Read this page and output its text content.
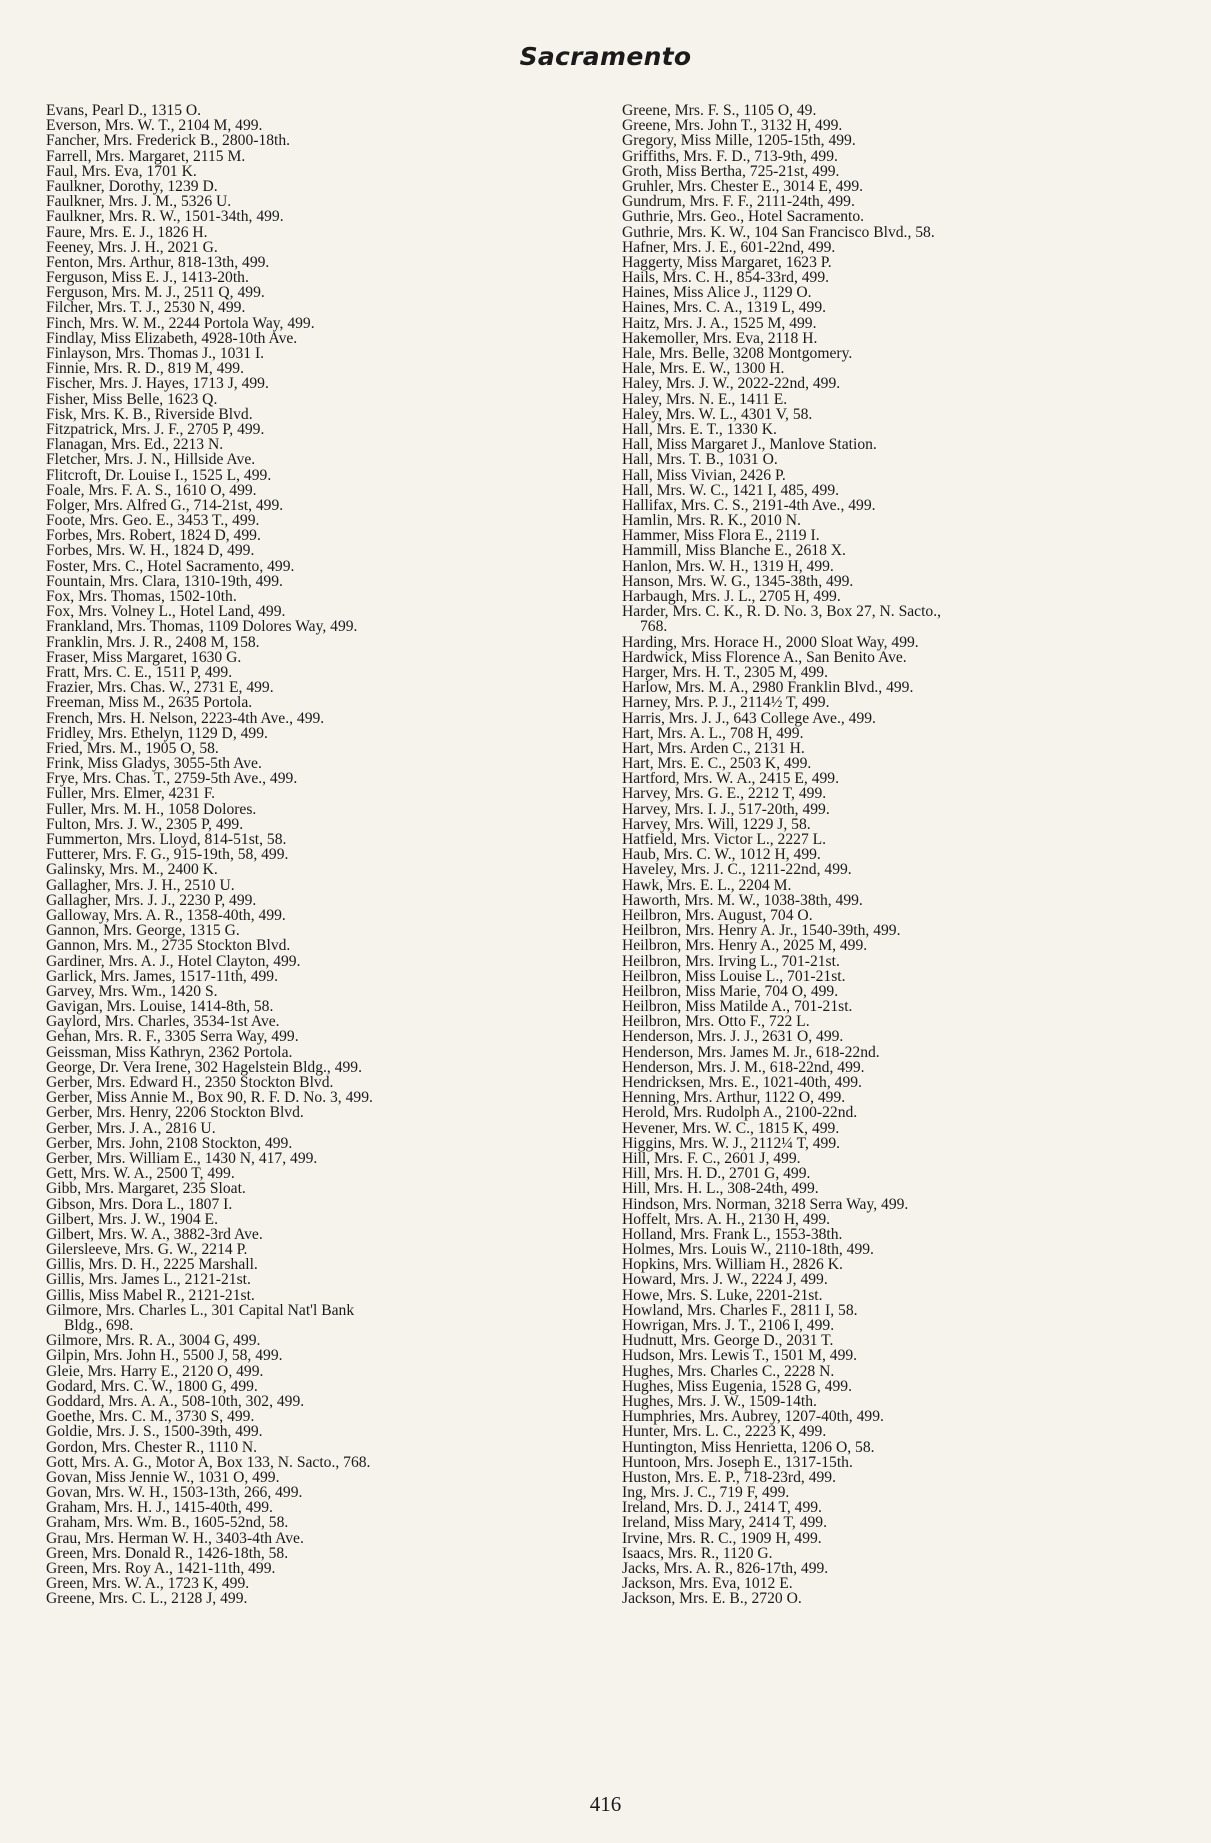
Sacramento
Evans, Pearl D., 1315 O.
Everson, Mrs. W. T., 2104 M, 499.
Fancher, Mrs. Frederick B., 2800-18th.
Farrell, Mrs. Margaret, 2115 M.
Faul, Mrs. Eva, 1701 K.
Faulkner, Dorothy, 1239 D.
Faulkner, Mrs. J. M., 5326 U.
Faulkner, Mrs. R. W., 1501-34th, 499.
Faure, Mrs. E. J., 1826 H.
Feeney, Mrs. J. H., 2021 G.
Fenton, Mrs. Arthur, 818-13th, 499.
Ferguson, Miss E. J., 1413-20th.
Ferguson, Mrs. M. J., 2511 Q, 499.
Filcher, Mrs. T. J., 2530 N, 499.
Finch, Mrs. W. M., 2244 Portola Way, 499.
Findlay, Miss Elizabeth, 4928-10th Ave.
Finlayson, Mrs. Thomas J., 1031 I.
Finnie, Mrs. R. D., 819 M, 499.
Fischer, Mrs. J. Hayes, 1713 J, 499.
Fisher, Miss Belle, 1623 Q.
Fisk, Mrs. K. B., Riverside Blvd.
Fitzpatrick, Mrs. J. F., 2705 P, 499.
Flanagan, Mrs. Ed., 2213 N.
Fletcher, Mrs. J. N., Hillside Ave.
Flitcroft, Dr. Louise I., 1525 L, 499.
Foale, Mrs. F. A. S., 1610 O, 499.
Folger, Mrs. Alfred G., 714-21st, 499.
Foote, Mrs. Geo. E., 3453 T., 499.
Forbes, Mrs. Robert, 1824 D, 499.
Forbes, Mrs. W. H., 1824 D, 499.
Foster, Mrs. C., Hotel Sacramento, 499.
Fountain, Mrs. Clara, 1310-19th, 499.
Fox, Mrs. Thomas, 1502-10th.
Fox, Mrs. Volney L., Hotel Land, 499.
Frankland, Mrs. Thomas, 1109 Dolores Way, 499.
Franklin, Mrs. J. R., 2408 M, 158.
Fraser, Miss Margaret, 1630 G.
Fratt, Mrs. C. E., 1511 P, 499.
Frazier, Mrs. Chas. W., 2731 E, 499.
Freeman, Miss M., 2635 Portola.
French, Mrs. H. Nelson, 2223-4th Ave., 499.
Fridley, Mrs. Ethelyn, 1129 D, 499.
Fried, Mrs. M., 1905 O, 58.
Frink, Miss Gladys, 3055-5th Ave.
Frye, Mrs. Chas. T., 2759-5th Ave., 499.
Fuller, Mrs. Elmer, 4231 F.
Fuller, Mrs. M. H., 1058 Dolores.
Fulton, Mrs. J. W., 2305 P, 499.
Fummerton, Mrs. Lloyd, 814-51st, 58.
Futterer, Mrs. F. G., 915-19th, 58, 499.
Galinsky, Mrs. M., 2400 K.
Gallagher, Mrs. J. H., 2510 U.
Gallagher, Mrs. J. J., 2230 P, 499.
Galloway, Mrs. A. R., 1358-40th, 499.
Gannon, Mrs. George, 1315 G.
Gannon, Mrs. M., 2735 Stockton Blvd.
Gardiner, Mrs. A. J., Hotel Clayton, 499.
Garlick, Mrs. James, 1517-11th, 499.
Garvey, Mrs. Wm., 1420 S.
Gavigan, Mrs. Louise, 1414-8th, 58.
Gaylord, Mrs. Charles, 3534-1st Ave.
Gehan, Mrs. R. F., 3305 Serra Way, 499.
Geissman, Miss Kathryn, 2362 Portola.
George, Dr. Vera Irene, 302 Hagelstein Bldg., 499.
Gerber, Mrs. Edward H., 2350 Stockton Blvd.
Gerber, Miss Annie M., Box 90, R. F. D. No. 3, 499.
Gerber, Mrs. Henry, 2206 Stockton Blvd.
Gerber, Mrs. J. A., 2816 U.
Gerber, Mrs. John, 2108 Stockton, 499.
Gerber, Mrs. William E., 1430 N, 417, 499.
Gett, Mrs. W. A., 2500 T, 499.
Gibb, Mrs. Margaret, 235 Sloat.
Gibson, Mrs. Dora L., 1807 I.
Gilbert, Mrs. J. W., 1904 E.
Gilbert, Mrs. W. A., 3882-3rd Ave.
Gilersleeve, Mrs. G. W., 2214 P.
Gillis, Mrs. D. H., 2225 Marshall.
Gillis, Mrs. James L., 2121-21st.
Gillis, Miss Mabel R., 2121-21st.
Gilmore, Mrs. Charles L., 301 Capital Nat'l Bank
Bldg., 698.
Gilmore, Mrs. R. A., 3004 G, 499.
Gilpin, Mrs. John H., 5500 J, 58, 499.
Gleie, Mrs. Harry E., 2120 O, 499.
Godard, Mrs. C. W., 1800 G, 499.
Goddard, Mrs. A. A., 508-10th, 302, 499.
Goethe, Mrs. C. M., 3730 S, 499.
Goldie, Mrs. J. S., 1500-39th, 499.
Gordon, Mrs. Chester R., 1110 N.
Gott, Mrs. A. G., Motor A, Box 133, N. Sacto., 768.
Govan, Miss Jennie W., 1031 O, 499.
Govan, Mrs. W. H., 1503-13th, 266, 499.
Graham, Mrs. H. J., 1415-40th, 499.
Graham, Mrs. Wm. B., 1605-52nd, 58.
Grau, Mrs. Herman W. H., 3403-4th Ave.
Green, Mrs. Donald R., 1426-18th, 58.
Green, Mrs. Roy A., 1421-11th, 499.
Green, Mrs. W. A., 1723 K, 499.
Greene, Mrs. C. L., 2128 J, 499.
Greene, Mrs. F. S., 1105 O, 49.
Greene, Mrs. John T., 3132 H, 499.
Gregory, Miss Mille, 1205-15th, 499.
Griffiths, Mrs. F. D., 713-9th, 499.
Groth, Miss Bertha, 725-21st, 499.
Gruhler, Mrs. Chester E., 3014 E, 499.
Gundrum, Mrs. F. F., 2111-24th, 499.
Guthrie, Mrs. Geo., Hotel Sacramento.
Guthrie, Mrs. K. W., 104 San Francisco Blvd., 58.
Hafner, Mrs. J. E., 601-22nd, 499.
Haggerty, Miss Margaret, 1623 P.
Hails, Mrs. C. H., 854-33rd, 499.
Haines, Miss Alice J., 1129 O.
Haines, Mrs. C. A., 1319 L, 499.
Haitz, Mrs. J. A., 1525 M, 499.
Hakemoller, Mrs. Eva, 2118 H.
Hale, Mrs. Belle, 3208 Montgomery.
Hale, Mrs. E. W., 1300 H.
Haley, Mrs. J. W., 2022-22nd, 499.
Haley, Mrs. N. E., 1411 E.
Haley, Mrs. W. L., 4301 V, 58.
Hall, Mrs. E. T., 1330 K.
Hall, Miss Margaret J., Manlove Station.
Hall, Mrs. T. B., 1031 O.
Hall, Miss Vivian, 2426 P.
Hall, Mrs. W. C., 1421 I, 485, 499.
Hallifax, Mrs. C. S., 2191-4th Ave., 499.
Hamlin, Mrs. R. K., 2010 N.
Hammer, Miss Flora E., 2119 I.
Hammill, Miss Blanche E., 2618 X.
Hanlon, Mrs. W. H., 1319 H, 499.
Hanson, Mrs. W. G., 1345-38th, 499.
Harbaugh, Mrs. J. L., 2705 H, 499.
Harder, Mrs. C. K., R. D. No. 3, Box 27, N. Sacto.,
768.
Harding, Mrs. Horace H., 2000 Sloat Way, 499.
Hardwick, Miss Florence A., San Benito Ave.
Harger, Mrs. H. T., 2305 M, 499.
Harlow, Mrs. M. A., 2980 Franklin Blvd., 499.
Harney, Mrs. P. J., 2114½ T, 499.
Harris, Mrs. J. J., 643 College Ave., 499.
Hart, Mrs. A. L., 708 H, 499.
Hart, Mrs. Arden C., 2131 H.
Hart, Mrs. E. C., 2503 K, 499.
Hartford, Mrs. W. A., 2415 E, 499.
Harvey, Mrs. G. E., 2212 T, 499.
Harvey, Mrs. I. J., 517-20th, 499.
Harvey, Mrs. Will, 1229 J, 58.
Hatfield, Mrs. Victor L., 2227 L.
Haub, Mrs. C. W., 1012 H, 499.
Haveley, Mrs. J. C., 1211-22nd, 499.
Hawk, Mrs. E. L., 2204 M.
Haworth, Mrs. M. W., 1038-38th, 499.
Heilbron, Mrs. August, 704 O.
Heilbron, Mrs. Henry A. Jr., 1540-39th, 499.
Heilbron, Mrs. Henry A., 2025 M, 499.
Heilbron, Mrs. Irving L., 701-21st.
Heilbron, Miss Louise L., 701-21st.
Heilbron, Miss Marie, 704 O, 499.
Heilbron, Miss Matilde A., 701-21st.
Heilbron, Mrs. Otto F., 722 L.
Henderson, Mrs. J. J., 2631 O, 499.
Henderson, Mrs. James M. Jr., 618-22nd.
Henderson, Mrs. J. M., 618-22nd, 499.
Hendricksen, Mrs. E., 1021-40th, 499.
Henning, Mrs. Arthur, 1122 O, 499.
Herold, Mrs. Rudolph A., 2100-22nd.
Hevener, Mrs. W. C., 1815 K, 499.
Higgins, Mrs. W. J., 2112¼ T, 499.
Hill, Mrs. F. C., 2601 J, 499.
Hill, Mrs. H. D., 2701 G, 499.
Hill, Mrs. H. L., 308-24th, 499.
Hindson, Mrs. Norman, 3218 Serra Way, 499.
Hoffelt, Mrs. A. H., 2130 H, 499.
Holland, Mrs. Frank L., 1553-38th.
Holmes, Mrs. Louis W., 2110-18th, 499.
Hopkins, Mrs. William H., 2826 K.
Howard, Mrs. J. W., 2224 J, 499.
Howe, Mrs. S. Luke, 2201-21st.
Howland, Mrs. Charles F., 2811 I, 58.
Howrigan, Mrs. J. T., 2106 I, 499.
Hudnutt, Mrs. George D., 2031 T.
Hudson, Mrs. Lewis T., 1501 M, 499.
Hughes, Mrs. Charles C., 2228 N.
Hughes, Miss Eugenia, 1528 G, 499.
Hughes, Mrs. J. W., 1509-14th.
Humphries, Mrs. Aubrey, 1207-40th, 499.
Hunter, Mrs. L. C., 2223 K, 499.
Huntington, Miss Henrietta, 1206 O, 58.
Huntoon, Mrs. Joseph E., 1317-15th.
Huston, Mrs. E. P., 718-23rd, 499.
Ing, Mrs. J. C., 719 F, 499.
Ireland, Mrs. D. J., 2414 T, 499.
Ireland, Miss Mary, 2414 T, 499.
Irvine, Mrs. R. C., 1909 H, 499.
Isaacs, Mrs. R., 1120 G.
Jacks, Mrs. A. R., 826-17th, 499.
Jackson, Mrs. Eva, 1012 E.
Jackson, Mrs. E. B., 2720 O.
416
